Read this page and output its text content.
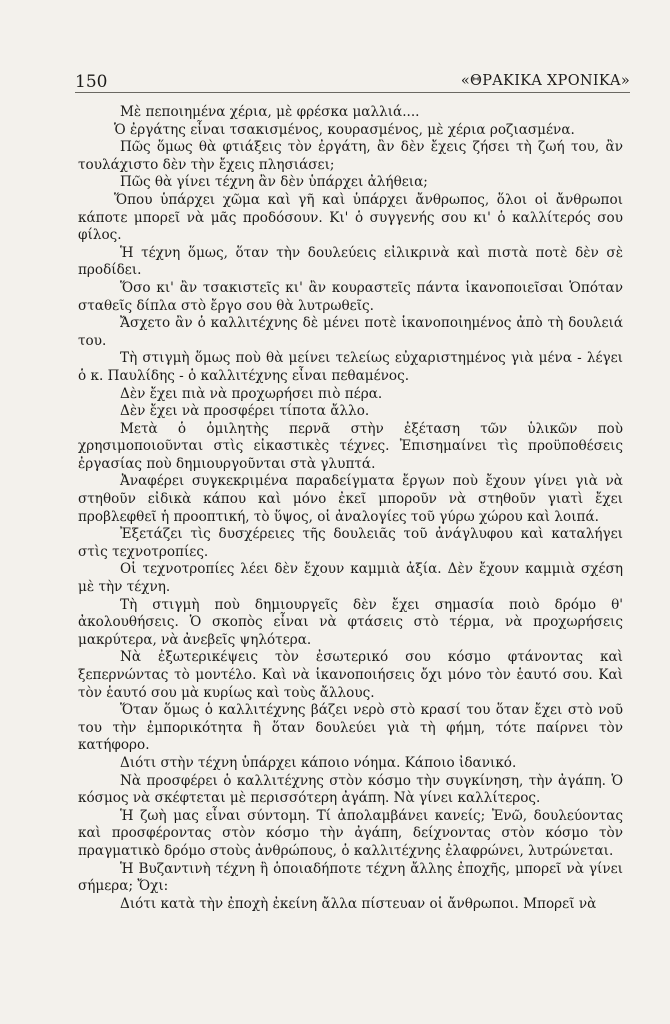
150	«ΘΡΑΚΙΚΑ ΧΡΟΝΙΚΑ»

Μὲ πεποιημένα χέρια, μὲ φρέσκα μαλλιά....

Ὁ ἐργάτης εἶναι τσακισμένος, κουρασμένος, μὲ χέρια ροζιασμένα.

Πῶς ὅμως θὰ φτιάξεις τὸν ἐργάτη, ἂν δὲν ἔχεις ζήσει τὴ ζωή του, ἂν τουλάχιστο δὲν τὴν ἔχεις πλησιάσει;

Πῶς θὰ γίνει τέχνη ἂν δὲν ὑπάρχει ἀλήθεια;

Ὅπου ὑπάρχει χῶμα καὶ γῆ καὶ ὑπάρχει ἄνθρωπος, ὅλοι οἱ ἄνθρωποι κάποτε μπορεῖ νὰ μᾶς προδόσουν. Κι' ὁ συγγενής σου κι' ὁ καλλίτερός σου φίλος.

Ἡ τέχνη ὅμως, ὅταν τὴν δουλεύεις εἰλικρινὰ καὶ πιστὰ ποτὲ δὲν σὲ προδίδει.

Ὅσο κι' ἂν τσακιστεῖς κι' ἂν κουραστεῖς πάντα ἱκανοποιεῖσαι Ὁπόταν σταθεῖς δίπλα στὸ ἔργο σου θὰ λυτρωθεῖς.

Ἄσχετο ἂν ὁ καλλιτέχνης δὲ μένει ποτὲ ἱκανοποιημένος ἀπὸ τὴ δουλειά του.

Τὴ στιγμὴ ὅμως ποὺ θὰ μείνει τελείως εὐχαριστημένος γιὰ μένα - λέγει ὁ κ. Παυλίδης - ὁ καλλιτέχνης εἶναι πεθαμένος.

Δὲν ἔχει πιὰ νὰ προχωρήσει πιὸ πέρα.

Δὲν ἔχει νὰ προσφέρει τίποτα ἄλλο.

Μετὰ ὁ ὁμιλητὴς περνᾶ στὴν ἐξέταση τῶν ὑλικῶν ποὺ χρησιμοποιοῦνται στὶς εἰκαστικὲς τέχνες. Ἐπισημαίνει τὶς προϋποθέσεις ἐργασίας ποὺ δημιουργοῦνται στὰ γλυπτά.

Ἀναφέρει συγκεκριμένα παραδείγματα ἔργων ποὺ ἔχουν γίνει γιὰ νὰ στηθοῦν εἰδικὰ κάπου καὶ μόνο ἐκεῖ μποροῦν νὰ στηθοῦν γιατὶ ἔχει προβλεφθεῖ ἡ προοπτική, τὸ ὕψος, οἱ ἀναλογίες τοῦ γύρω χώρου καὶ λοιπά.

Ἐξετάζει τὶς δυσχέρειες τῆς δουλειᾶς τοῦ ἀνάγλυφου καὶ καταλήγει στὶς τεχνοτροπίες.

Οἱ τεχνοτροπίες λέει δὲν ἔχουν καμμιὰ ἀξία. Δὲν ἔχουν καμμιὰ σχέση μὲ τὴν τέχνη.

Τὴ στιγμὴ ποὺ δημιουργεῖς δὲν ἔχει σημασία ποιὸ δρόμο θ' ἀκολουθήσεις. Ὁ σκοπὸς εἶναι νὰ φτάσεις στὸ τέρμα, νὰ προχωρήσεις μακρύτερα, νὰ ἀνεβεῖς ψηλότερα.

Νὰ ἐξωτερικέψεις τὸν ἐσωτερικό σου κόσμο φτάνοντας καὶ ξεπερνώντας τὸ μοντέλο. Καὶ νὰ ἱκανοποιήσεις ὄχι μόνο τὸν ἑαυτό σου. Καὶ τὸν ἑαυτό σου μὰ κυρίως καὶ τοὺς ἄλλους.

Ὅταν ὅμως ὁ καλλιτέχνης βάζει νερὸ στὸ κρασί του ὅταν ἔχει στὸ νοῦ του τὴν ἐμπορικότητα ἢ ὅταν δουλεύει γιὰ τὴ φήμη, τότε παίρνει τὸν κατήφορο.

Διότι στὴν τέχνη ὑπάρχει κάποιο νόημα. Κάποιο ἰδανικό.

Νὰ προσφέρει ὁ καλλιτέχνης στὸν κόσμο τὴν συγκίνηση, τὴν ἀγάπη. Ὁ κόσμος νὰ σκέφτεται μὲ περισσότερη ἀγάπη. Νὰ γίνει καλλίτερος.

Ἡ ζωὴ μας εἶναι σύντομη. Τί ἀπολαμβάνει κανείς; Ἐνῶ, δουλεύοντας καὶ προσφέροντας στὸν κόσμο τὴν ἀγάπη, δείχνοντας στὸν κόσμο τὸν πραγματικὸ δρόμο στοὺς ἀνθρώπους, ὁ καλλιτέχνης ἐλαφρώνει, λυτρώνεται.

Ἡ Βυζαντινὴ τέχνη ἢ ὁποιαδήποτε τέχνη ἄλλης ἐποχῆς, μπορεῖ νὰ γίνει σήμερα; Ὄχι:

Διότι κατὰ τὴν ἐποχὴ ἐκείνη ἄλλα πίστευαν οἱ ἄνθρωποι. Μπορεῖ νὰ
